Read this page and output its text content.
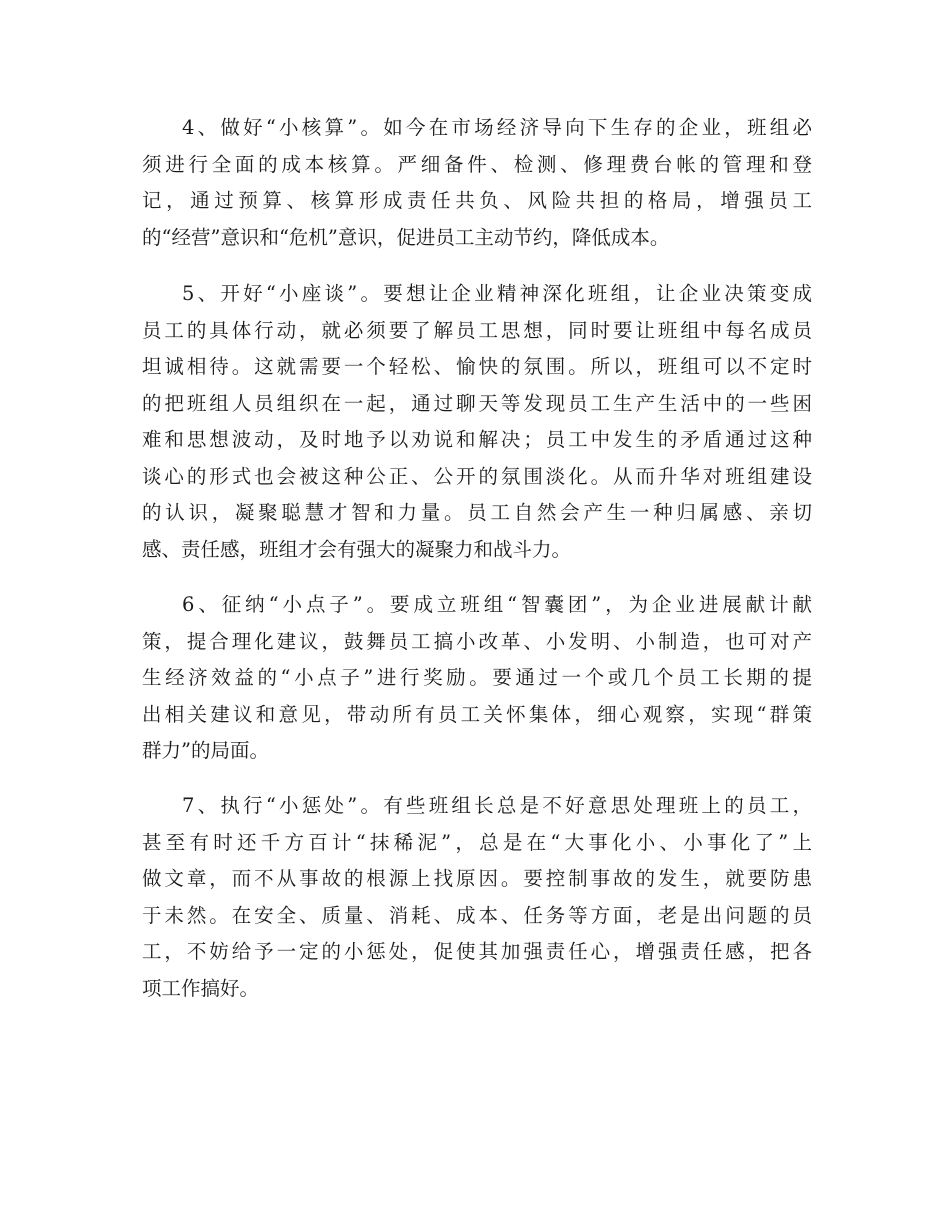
4、做好“小核算”。如今在市场经济导向下生存的企业，班组必
须进行全面的成本核算。严细备件、检测、修理费台帐的管理和登
记，通过预算、核算形成责任共负、风险共担的格局，增强员工
的“经营”意识和“危机”意识，促进员工主动节约，降低成本。
5、开好“小座谈”。要想让企业精神深化班组，让企业决策变成
员工的具体行动，就必须要了解员工思想，同时要让班组中每名成员
坦诚相待。这就需要一个轻松、愉快的氛围。所以，班组可以不定时
的把班组人员组织在一起，通过聊天等发现员工生产生活中的一些困
难和思想波动，及时地予以劝说和解决；员工中发生的矛盾通过这种
谈心的形式也会被这种公正、公开的氛围淡化。从而升华对班组建设
的认识，凝聚聪慧才智和力量。员工自然会产生一种归属感、亲切
感、责任感，班组才会有强大的凝聚力和战斗力。
6、征纳“小点子”。要成立班组“智囊团”，为企业进展献计献
策，提合理化建议，鼓舞员工搞小改革、小发明、小制造，也可对产
生经济效益的“小点子”进行奖励。要通过一个或几个员工长期的提
出相关建议和意见，带动所有员工关怀集体，细心观察，实现“群策
群力”的局面。
7、执行“小惩处”。有些班组长总是不好意思处理班上的员工，
甚至有时还千方百计“抹稀泥”，总是在“大事化小、小事化了”上
做文章，而不从事故的根源上找原因。要控制事故的发生，就要防患
于未然。在安全、质量、消耗、成本、任务等方面，老是出问题的员
工，不妨给予一定的小惩处，促使其加强责任心，增强责任感，把各
项工作搞好。
